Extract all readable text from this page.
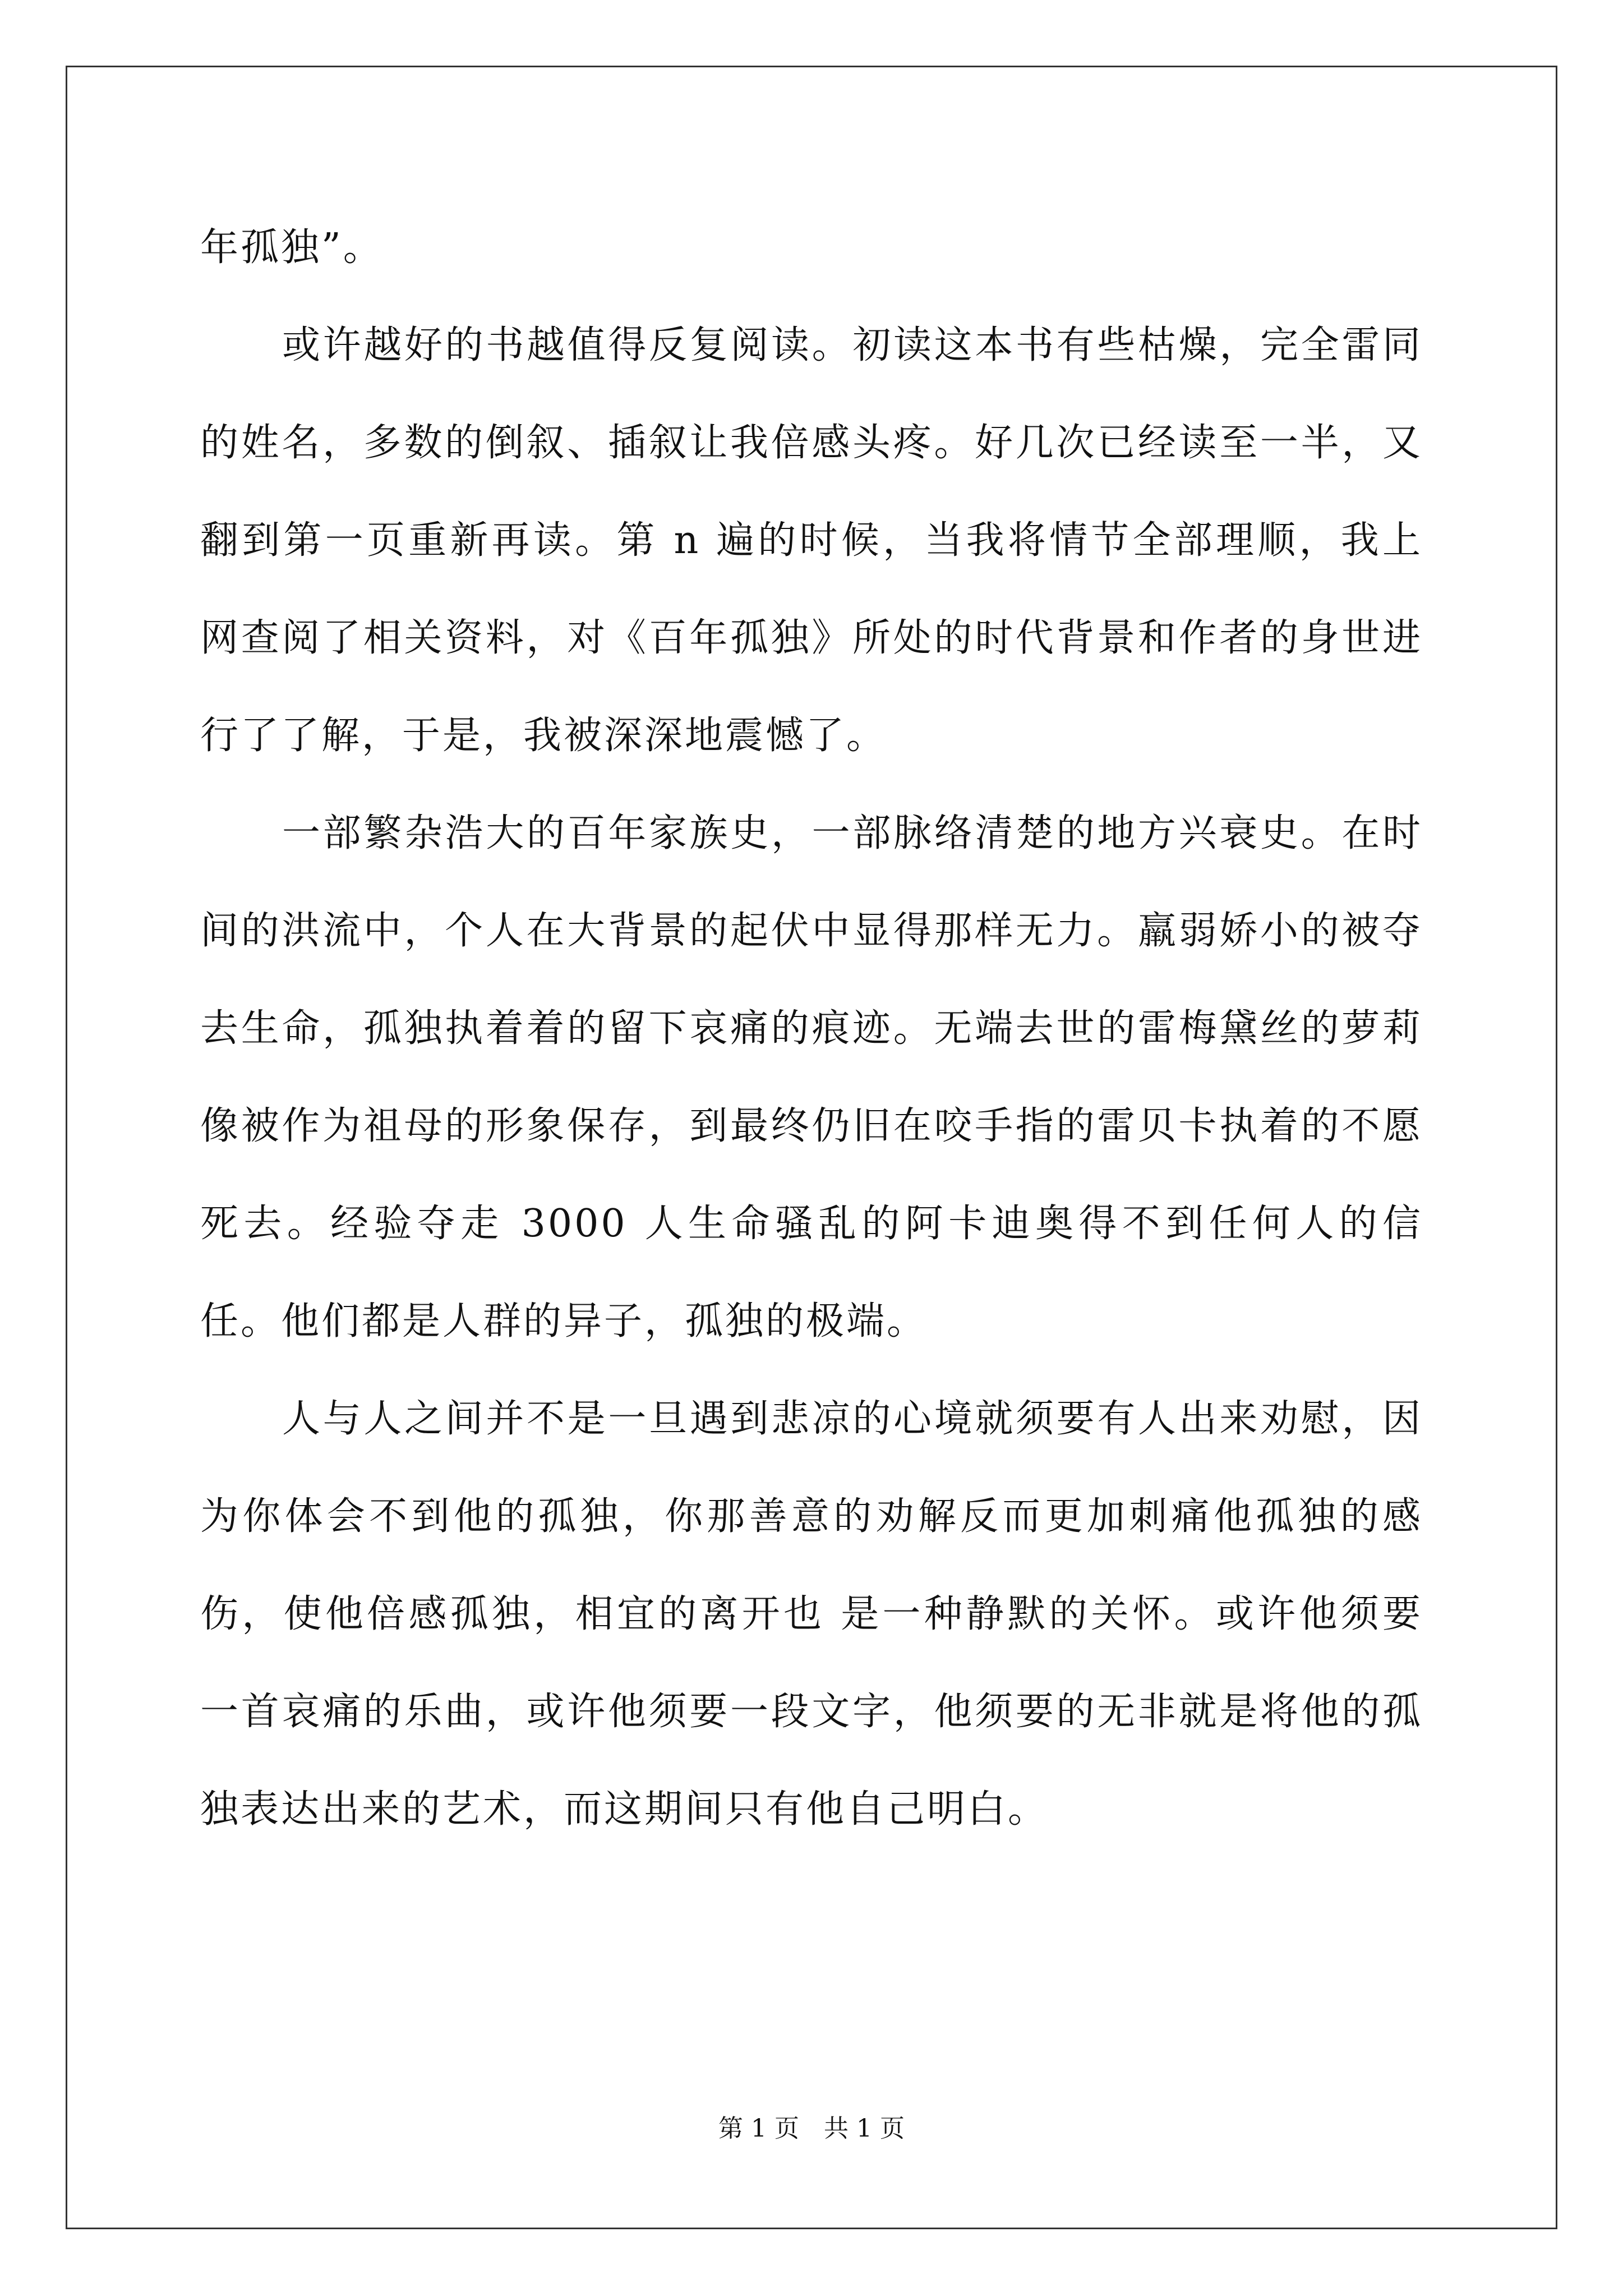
年孤独”。

或许越好的书越值得反复阅读。初读这本书有些枯燥，完全雷同的姓名，多数的倒叙、插叙让我倍感头疼。好几次已经读至一半，又翻到第一页重新再读。第 n 遍的时候，当我将情节全部理顺，我上网查阅了相关资料，对《百年孤独》所处的时代背景和作者的身世进行了了解，于是，我被深深地震憾了。

一部繁杂浩大的百年家族史，一部脉络清楚的地方兴衰史。在时间的洪流中，个人在大背景的起伏中显得那样无力。羸弱娇小的被夺去生命，孤独执着着的留下哀痛的痕迹。无端去世的雷梅黛丝的萝莉像被作为祖母的形象保存，到最终仍旧在咬手指的雷贝卡执着的不愿死去。经验夺走 3000 人生命骚乱的阿卡迪奥得不到任何人的信任。他们都是人群的异子，孤独的极端。

人与人之间并不是一旦遇到悲凉的心境就须要有人出来劝慰，因为你体会不到他的孤独，你那善意的劝解反而更加刺痛他孤独的感伤，使他倍感孤独，相宜的离开也 是一种静默的关怀。或许他须要一首哀痛的乐曲，或许他须要一段文字，他须要的无非就是将他的孤独表达出来的艺术，而这期间只有他自己明白。

第 1 页　共 1 页
